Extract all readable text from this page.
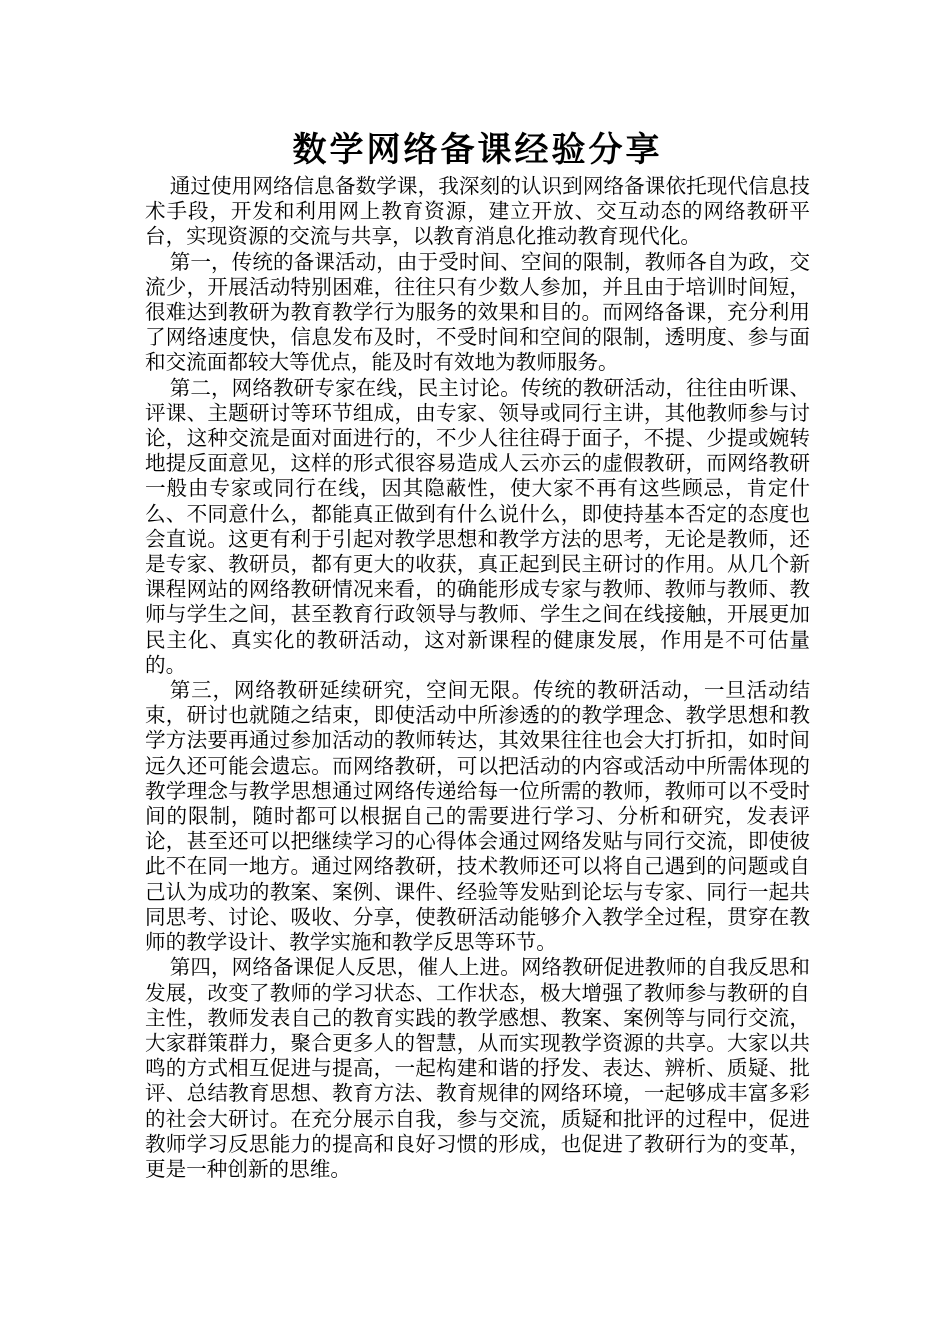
数学网络备课经验分享

通过使用网络信息备数学课，我深刻的认识到网络备课依托现代信息技术手段，开发和利用网上教育资源，建立开放、交互动态的网络教研平台，实现资源的交流与共享，以教育消息化推动教育现代化。

第一，传统的备课活动，由于受时间、空间的限制，教师各自为政，交流少，开展活动特别困难，往往只有少数人参加，并且由于培训时间短，很难达到教研为教育教学行为服务的效果和目的。而网络备课，充分利用了网络速度快，信息发布及时，不受时间和空间的限制，透明度、参与面和交流面都较大等优点，能及时有效地为教师服务。

第二，网络教研专家在线，民主讨论。传统的教研活动，往往由听课、评课、主题研讨等环节组成，由专家、领导或同行主讲，其他教师参与讨论，这种交流是面对面进行的，不少人往往碍于面子，不提、少提或婉转地提反面意见，这样的形式很容易造成人云亦云的虚假教研，而网络教研一般由专家或同行在线，因其隐蔽性，使大家不再有这些顾忌，肯定什么、不同意什么，都能真正做到有什么说什么，即使持基本否定的态度也会直说。这更有利于引起对教学思想和教学方法的思考，无论是教师，还是专家、教研员，都有更大的收获，真正起到民主研讨的作用。从几个新课程网站的网络教研情况来看，的确能形成专家与教师、教师与教师、教师与学生之间，甚至教育行政领导与教师、学生之间在线接触，开展更加民主化、真实化的教研活动，这对新课程的健康发展，作用是不可估量的。

第三，网络教研延续研究，空间无限。传统的教研活动，一旦活动结束，研讨也就随之结束，即使活动中所渗透的的教学理念、教学思想和教学方法要再通过参加活动的教师转达，其效果往往也会大打折扣，如时间远久还可能会遗忘。而网络教研，可以把活动的内容或活动中所需体现的教学理念与教学思想通过网络传递给每一位所需的教师，教师可以不受时间的限制，随时都可以根据自己的需要进行学习、分析和研究，发表评论，甚至还可以把继续学习的心得体会通过网络发贴与同行交流，即使彼此不在同一地方。通过网络教研，技术教师还可以将自己遇到的问题或自己认为成功的教案、案例、课件、经验等发贴到论坛与专家、同行一起共同思考、讨论、吸收、分享，使教研活动能够介入教学全过程，贯穿在教师的教学设计、教学实施和教学反思等环节。

第四，网络备课促人反思，催人上进。网络教研促进教师的自我反思和发展，改变了教师的学习状态、工作状态，极大增强了教师参与教研的自主性，教师发表自己的教育实践的教学感想、教案、案例等与同行交流，大家群策群力，聚合更多人的智慧，从而实现教学资源的共享。大家以共鸣的方式相互促进与提高，一起构建和谐的抒发、表达、辨析、质疑、批评、总结教育思想、教育方法、教育规律的网络环境，一起够成丰富多彩的社会大研讨。在充分展示自我，参与交流，质疑和批评的过程中，促进教师学习反思能力的提高和良好习惯的形成，也促进了教研行为的变革，更是一种创新的思维。
